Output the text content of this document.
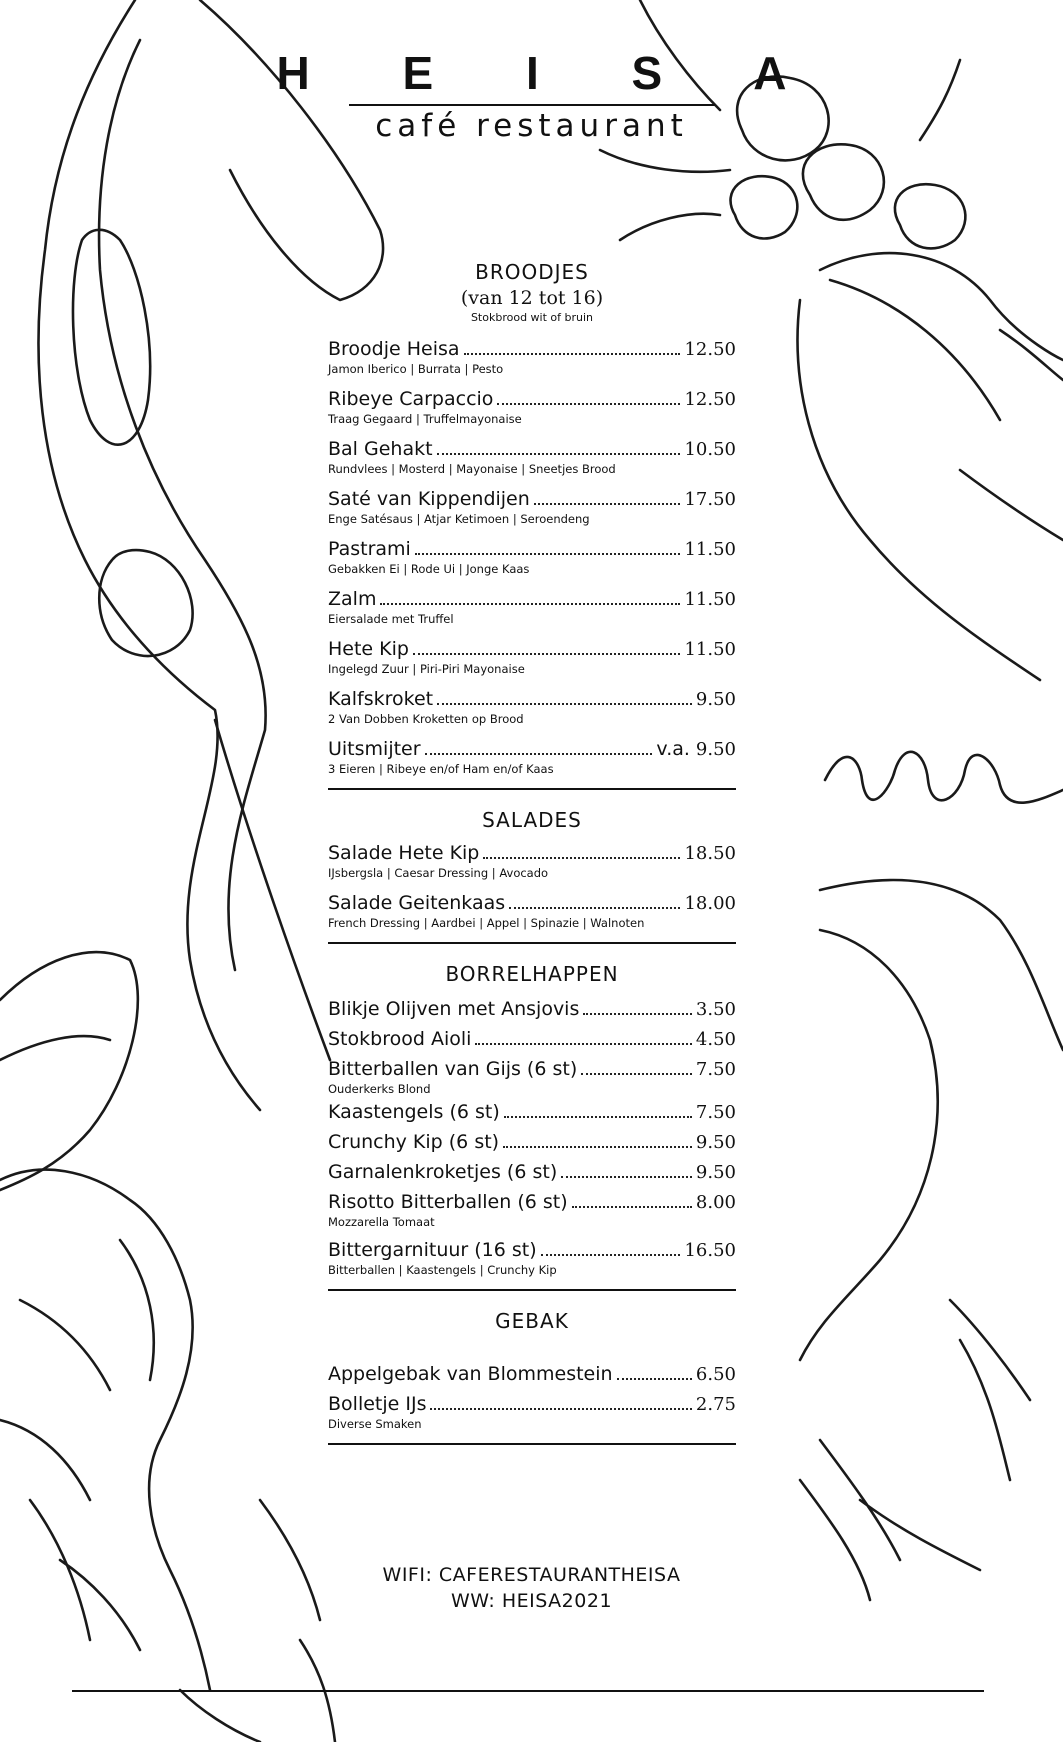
H E I S A
café restaurant
BROODJES
(van 12 tot 16)
Stokbrood wit of bruin
Broodje Heisa	12.50
Jamon Iberico | Burrata | Pesto
Ribeye Carpaccio	12.50
Traag Gegaard | Truffelmayonaise
Bal Gehakt	10.50
Rundvlees | Mosterd | Mayonaise | Sneetjes Brood
Saté van Kippendijen	17.50
Enge Satésaus | Atjar Ketimoen | Seroendeng
Pastrami	11.50
Gebakken Ei | Rode Ui | Jonge Kaas
Zalm	11.50
Eiersalade met Truffel
Hete Kip	11.50
Ingelegd Zuur | Piri-Piri Mayonaise
Kalfskroket	9.50
2 Van Dobben Kroketten op Brood
Uitsmijter	v.a. 9.50
3 Eieren | Ribeye en/of Ham en/of Kaas
SALADES
Salade Hete Kip	18.50
IJsbergsla | Caesar Dressing | Avocado
Salade Geitenkaas	18.00
French Dressing | Aardbei | Appel | Spinazie | Walnoten
BORRELHAPPEN
Blikje Olijven met Ansjovis	3.50
Stokbrood Aioli	4.50
Bitterballen van Gijs (6 st)	7.50
Ouderkerks Blond
Kaastengels (6 st)	7.50
Crunchy Kip (6 st)	9.50
Garnalenkroketjes (6 st)	9.50
Risotto Bitterballen (6 st)	8.00
Mozzarella Tomaat
Bittergarnituur (16 st)	16.50
Bitterballen | Kaastengels | Crunchy Kip
GEBAK
Appelgebak van Blommestein	6.50
Bolletje IJs	2.75
Diverse Smaken
WIFI: CAFERESTAURANTHEISA
WW: HEISA2021
